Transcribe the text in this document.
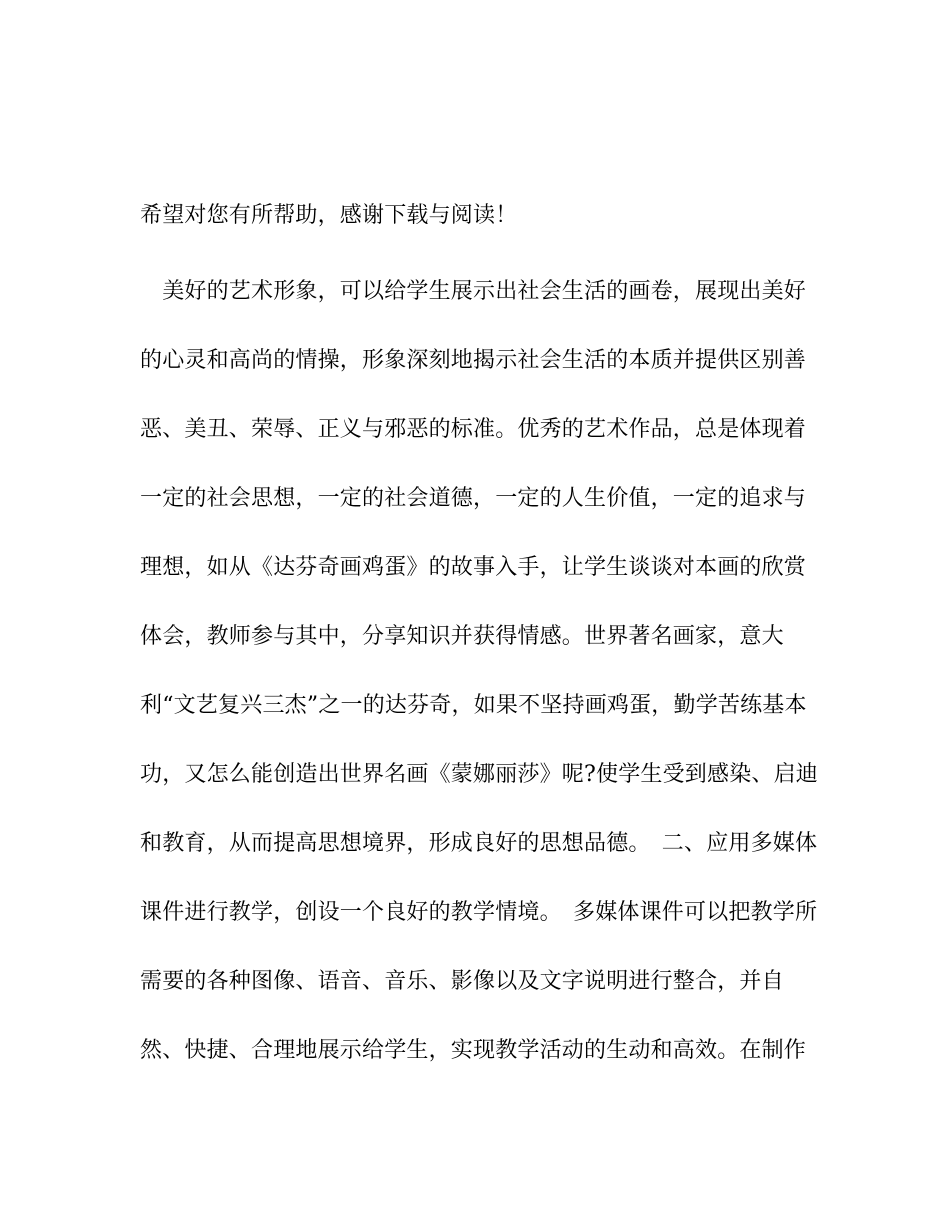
希望对您有所帮助，感谢下载与阅读！
　美好的艺术形象，可以给学生展示出社会生活的画卷，展现出美好
的心灵和高尚的情操，形象深刻地揭示社会生活的本质并提供区别善
恶、美丑、荣辱、正义与邪恶的标准。优秀的艺术作品，总是体现着
一定的社会思想，一定的社会道德，一定的人生价值，一定的追求与
理想，如从《达芬奇画鸡蛋》的故事入手，让学生谈谈对本画的欣赏
体会，教师参与其中，分享知识并获得情感。世界著名画家，意大
利“文艺复兴三杰”之一的达芬奇，如果不坚持画鸡蛋，勤学苦练基本
功，又怎么能创造出世界名画《蒙娜丽莎》呢?使学生受到感染、启迪
和教育，从而提高思想境界，形成良好的思想品德。　二、应用多媒体
课件进行教学，创设一个良好的教学情境。　多媒体课件可以把教学所
需要的各种图像、语音、音乐、影像以及文字说明进行整合，并自
然、快捷、合理地展示给学生，实现教学活动的生动和高效。在制作
